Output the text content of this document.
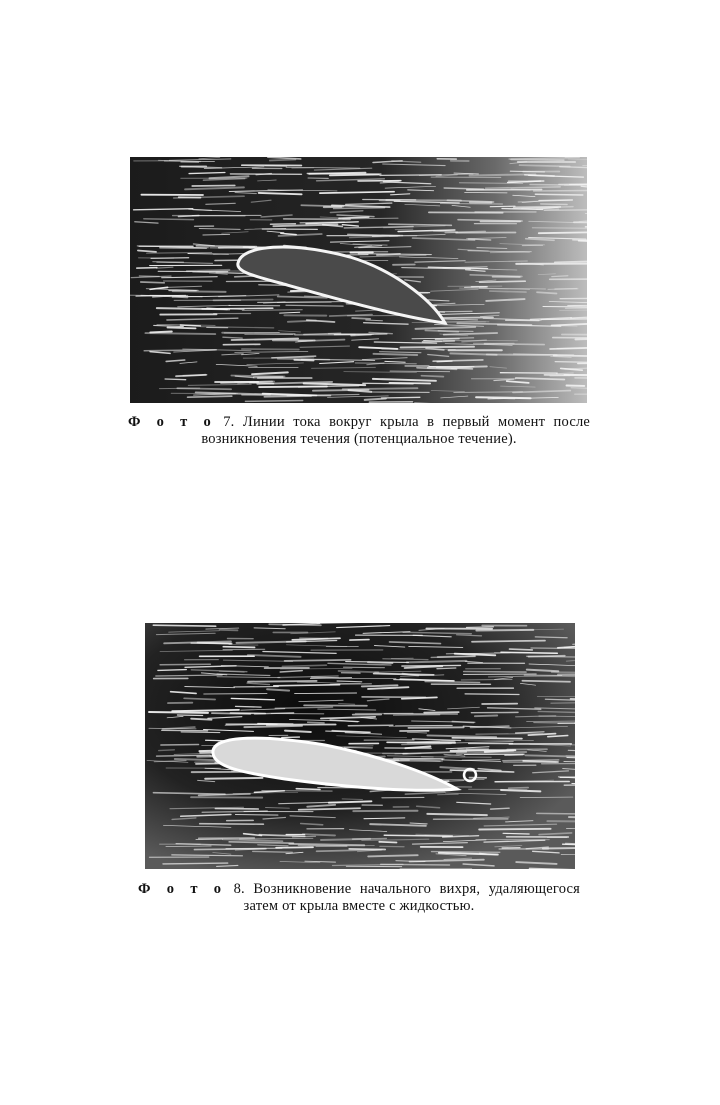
Ф о т о 7. Линии тока вокруг крыла в первый момент после
возникновения течения (потенциальное течение).
Ф о т о 8. Возникновение начального вихря, удаляющегося
затем от крыла вместе с жидкостью.
